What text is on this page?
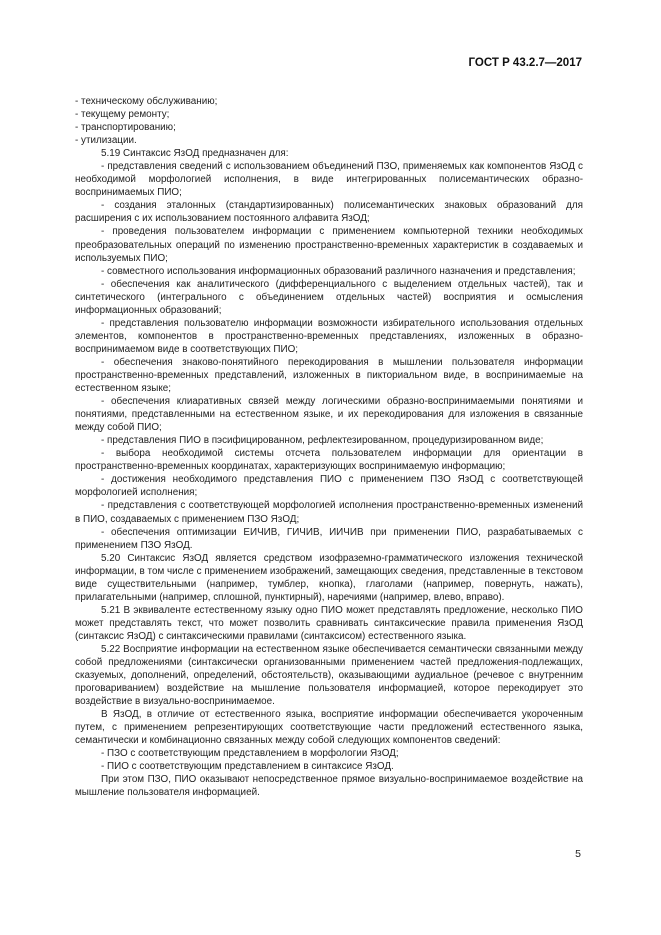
ГОСТ Р 43.2.7—2017

- техническому обслуживанию;

- текущему ремонту;

- транспортированию;

- утилизации.

5.19 Синтаксис ЯзОД предназначен для:

- представления сведений с использованием объединений ПЗО, применяемых как компонентов ЯзОД с необходимой морфологией исполнения, в виде интегрированных полисемантических образно-воспринимаемых ПИО;

- создания эталонных (стандартизированных) полисемантических знаковых образований для расширения с их использованием постоянного алфавита ЯзОД;

- проведения пользователем информации с применением компьютерной техники необходимых преобразовательных операций по изменению пространственно-временных характеристик в создаваемых и используемых ПИО;

- совместного использования информационных образований различного назначения и представления;

- обеспечения как аналитического (дифференциального с выделением отдельных частей), так и синтетического (интегрального с объединением отдельных частей) восприятия и осмысления информационных образований;

- представления пользователю информации возможности избирательного использования отдельных элементов, компонентов в пространственно-временных представлениях, изложенных в образно-воспринимаемом виде в соответствующих ПИО;

- обеспечения знаково-понятийного перекодирования в мышлении пользователя информации пространственно-временных представлений, изложенных в пикториальном виде, в воспринимаемые на естественном языке;

- обеспечения клиаративных связей между логическими образно-воспринимаемыми понятиями и понятиями, представленными на естественном языке, и их перекодирования для изложения в связанные между собой ПИО;

- представления ПИО в пэсифицированном, рефлектезированном, процедуризированном виде;

- выбора необходимой системы отсчета пользователем информации для ориентации в пространственно-временных координатах, характеризующих воспринимаемую информацию;

- достижения необходимого представления ПИО с применением ПЗО ЯзОД с соответствующей морфологией исполнения;

- представления с соответствующей морфологией исполнения пространственно-временных изменений в ПИО, создаваемых с применением ПЗО ЯзОД;

- обеспечения оптимизации ЕИЧИВ, ГИЧИВ, ИИЧИВ при применении ПИО, разрабатываемых с применением ПЗО ЯзОД.

5.20 Синтаксис ЯзОД является средством изофраземно-грамматического изложения технической информации, в том числе с применением изображений, замещающих сведения, представленные в текстовом виде существительными (например, тумблер, кнопка), глаголами (например, повернуть, нажать), прилагательными (например, сплошной, пунктирный), наречиями (например, влево, вправо).

5.21 В эквиваленте естественному языку одно ПИО может представлять предложение, несколько ПИО может представлять текст, что может позволить сравнивать синтаксические правила применения ЯзОД (синтаксис ЯзОД) с синтаксическими правилами (синтаксисом) естественного языка.

5.22 Восприятие информации на естественном языке обеспечивается семантически связанными между собой предложениями (синтаксически организованными применением частей предложения-подлежащих, сказуемых, дополнений, определений, обстоятельств), оказывающими аудиальное (речевое с внутренним проговариванием) воздействие на мышление пользователя информацией, которое перекодирует это воздействие в визуально-воспринимаемое.

В ЯзОД, в отличие от естественного языка, восприятие информации обеспечивается укороченным путем, с применением репрезентирующих соответствующие части предложений естественного языка, семантически и комбинационно связанных между собой следующих компонентов сведений:

- ПЗО с соответствующим представлением в морфологии ЯзОД;

- ПИО с соответствующим представлением в синтаксисе ЯзОД.

При этом ПЗО, ПИО оказывают непосредственное прямое визуально-воспринимаемое воздействие на мышление пользователя информацией.

5
